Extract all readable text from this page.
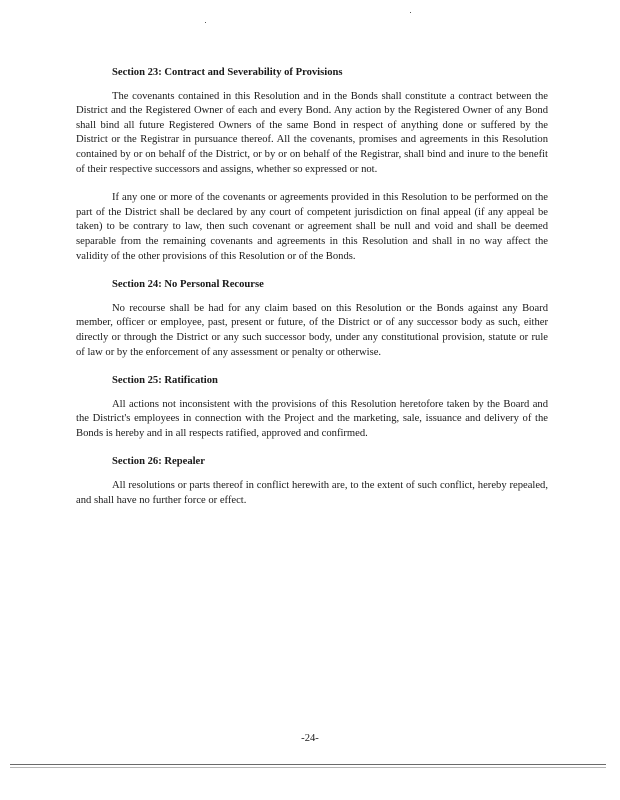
Section 23: Contract and Severability of Provisions

The covenants contained in this Resolution and in the Bonds shall constitute a contract between the District and the Registered Owner of each and every Bond. Any action by the Registered Owner of any Bond shall bind all future Registered Owners of the same Bond in respect of anything done or suffered by the District or the Registrar in pursuance thereof. All the covenants, promises and agreements in this Resolution contained by or on behalf of the District, or by or on behalf of the Registrar, shall bind and inure to the benefit of their respective successors and assigns, whether so expressed or not.

If any one or more of the covenants or agreements provided in this Resolution to be performed on the part of the District shall be declared by any court of competent jurisdiction on final appeal (if any appeal be taken) to be contrary to law, then such covenant or agreement shall be null and void and shall be deemed separable from the remaining covenants and agreements in this Resolution and shall in no way affect the validity of the other provisions of this Resolution or of the Bonds.

Section 24: No Personal Recourse

No recourse shall be had for any claim based on this Resolution or the Bonds against any Board member, officer or employee, past, present or future, of the District or of any successor body as such, either directly or through the District or any such successor body, under any constitutional provision, statute or rule of law or by the enforcement of any assessment or penalty or otherwise.

Section 25: Ratification

All actions not inconsistent with the provisions of this Resolution heretofore taken by the Board and the District's employees in connection with the Project and the marketing, sale, issuance and delivery of the Bonds is hereby and in all respects ratified, approved and confirmed.

Section 26: Repealer

All resolutions or parts thereof in conflict herewith are, to the extent of such conflict, hereby repealed, and shall have no further force or effect.

-24-
